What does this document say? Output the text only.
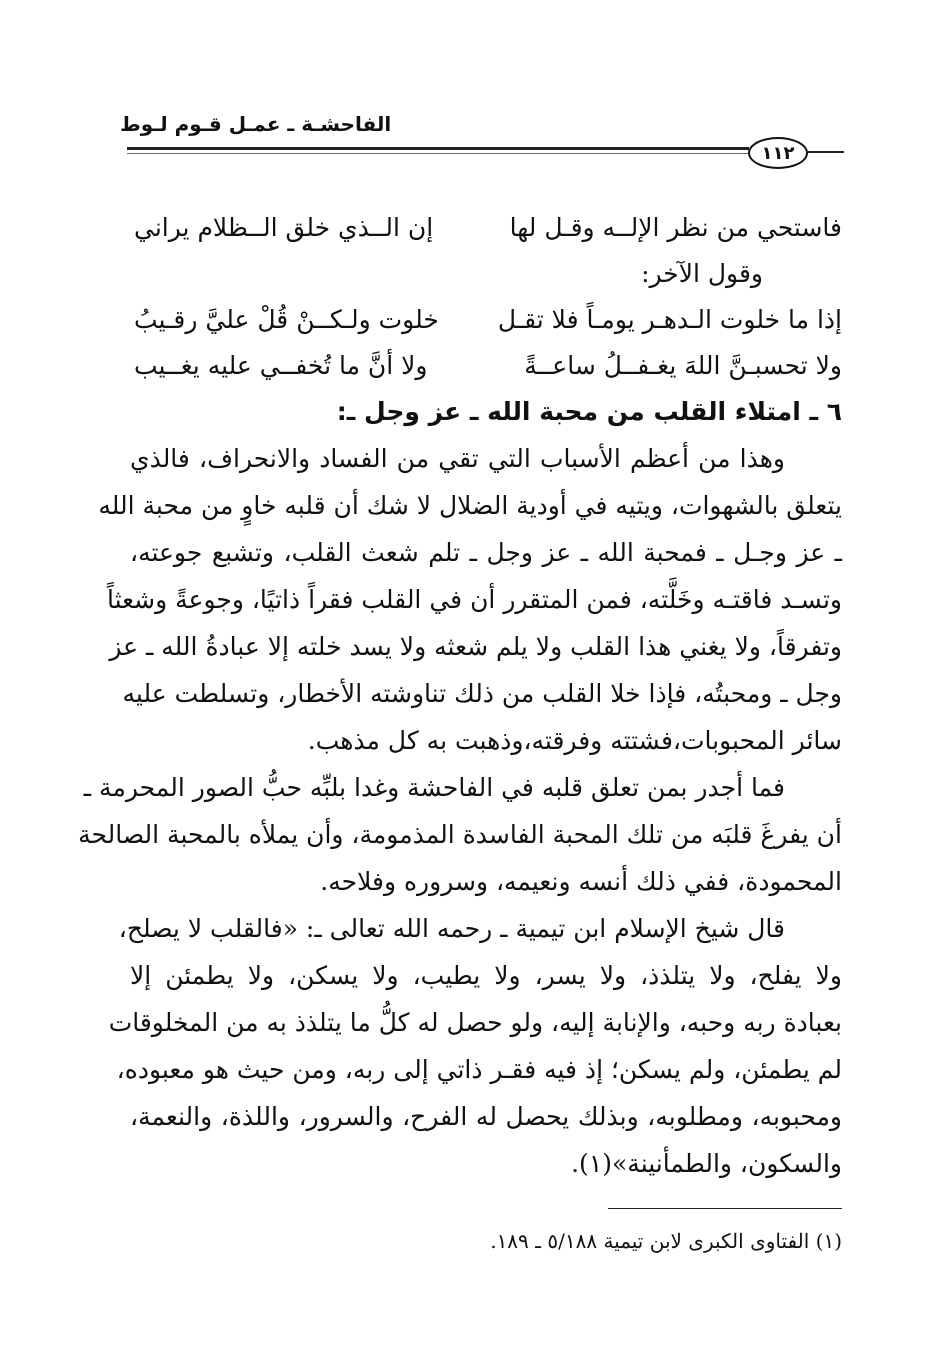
الفاحشـة ـ عمـل قـوم لـوط
١١٢
فاستحي من نظر الإلــه وقـل لها
إن الــذي خلق الــظلام يراني
وقول الآخر:
إذا ما خلوت الـدهـر يومـاً فلا تقـل
خلوت ولـكــنْ قُلْ عليَّ رقـيبُ
ولا تحسبـنَّ اللهَ يغـفــلُ ساعــةً
ولا أنَّ ما تُخفــي عليه يغــيب
٦ ـ امتلاء القلب من محبة الله ـ عز وجل ـ:
وهذا من أعظم الأسباب التي تقي من الفساد والانحراف، فالذي
يتعلق بالشهوات، ويتيه في أودية الضلال لا شك أن قلبه خاوٍ من محبة الله
ـ عز وجـل ـ فمحبة الله ـ عز وجل ـ تلم شعث القلب، وتشبع جوعته،
وتسـد فاقتـه وخَلَّته، فمن المتقرر أن في القلب فقراً ذاتيًا، وجوعةً وشعثاً
وتفرقاً، ولا يغني هذا القلب ولا يلم شعثه ولا يسد خلته إلا عبادةُ الله ـ عز
وجل ـ ومحبتُه، فإذا خلا القلب من ذلك تناوشته الأخطار، وتسلطت عليه
سائر المحبوبات،فشتته وفرقته،وذهبت به كل مذهب.
فما أجدر بمن تعلق قلبه في الفاحشة وغدا بلبِّه حبُّ الصور المحرمة ـ
أن يفرغَ قلبَه من تلك المحبة الفاسدة المذمومة، وأن يملأه بالمحبة الصالحة
المحمودة، ففي ذلك أنسه ونعيمه، وسروره وفلاحه.
قال شيخ الإسلام ابن تيمية ـ رحمه الله تعالى ـ: «فالقلب لا يصلح،
ولا يفلح، ولا يتلذذ، ولا يسر، ولا يطيب، ولا يسكن، ولا يطمئن إلا
بعبادة ربه وحبه، والإنابة إليه، ولو حصل له كلُّ ما يتلذذ به من المخلوقات
لم يطمئن، ولم يسكن؛ إذ فيه فقـر ذاتي إلى ربه، ومن حيث هو معبوده،
ومحبوبه، ومطلوبه، وبذلك يحصل له الفرح، والسرور، واللذة، والنعمة،
والسكون، والطمأنينة»(١).
(١) الفتاوى الكبرى لابن تيمية ٥/١٨٨ ـ ١٨٩.
